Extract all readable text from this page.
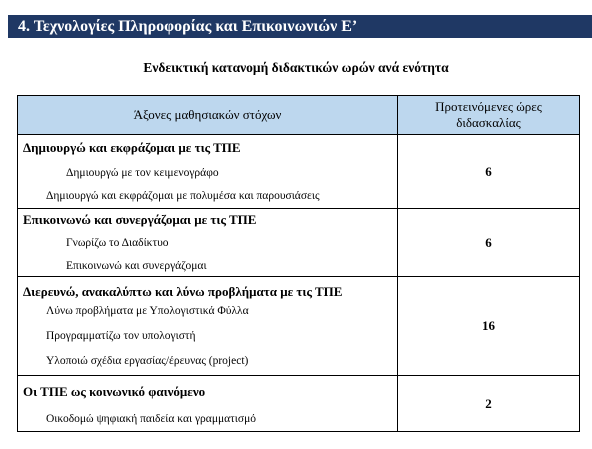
4. Τεχνολογίες Πληροφορίας και Επικοινωνιών Ε’
Ενδεικτική κατανομή διδακτικών ωρών ανά ενότητα
Άξονες μαθησιακών στόχων	Προτεινόμενες ώρες
διδασκαλίας

Δημιουργώ και εκφράζομαι με τις ΤΠΕ
Δημιουργώ με τον κειμενογράφο
Δημιουργώ και εκφράζομαι με πολυμέσα και παρουσιάσεις	6

Επικοινωνώ και συνεργάζομαι με τις ΤΠΕ
Γνωρίζω το Διαδίκτυο
Επικοινωνώ και συνεργάζομαι	6

Διερευνώ, ανακαλύπτω και λύνω προβλήματα με τις ΤΠΕ
Λύνω προβλήματα με Υπολογιστικά Φύλλα
Προγραμματίζω τον υπολογιστή
Υλοποιώ σχέδια εργασίας/έρευνας (project)	16

Οι ΤΠΕ ως κοινωνικό φαινόμενο
Οικοδομώ ψηφιακή παιδεία και γραμματισμό	2
